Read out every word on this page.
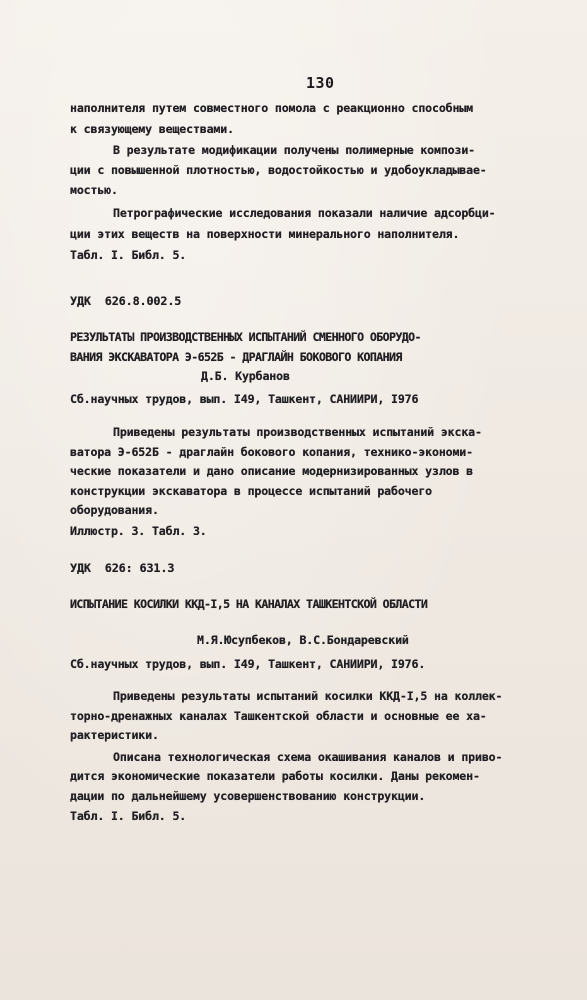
130
наполнителя путем совместного помола с реакционно способным
к связующему веществами.
В результате модификации получены полимерные компози-
ции с повышенной плотностью, водостойкостью и удобоукладывае-
мостью.
Петрографические исследования показали наличие адсорбци-
ции этих веществ на поверхности минерального наполнителя.
Табл. I. Библ. 5.
УДК  626.8.002.5
РЕЗУЛЬТАТЫ ПРОИЗВОДСТВЕННЫХ ИСПЫТАНИЙ СМЕННОГО ОБОРУДО-
ВАНИЯ ЭКСКАВАТОРА Э-652Б - ДРАГЛАЙН БОКОВОГО КОПАНИЯ
Д.Б. Курбанов
Сб.научных трудов, вып. I49, Ташкент, САНИИРИ, I976
Приведены результаты производственных испытаний экска-
ватора Э-652Б - драглайн бокового копания, технико-экономи-
ческие показатели и дано описание модернизированных узлов в
конструкции экскаватора в процессе испытаний рабочего
оборудования.
Иллюстр. 3. Табл. 3.
УДК  626: 631.3
ИСПЫТАНИЕ КОСИЛКИ ККД-I,5 НА КАНАЛАХ ТАШКЕНТСКОЙ ОБЛАСТИ
М.Я.Юсупбеков, В.С.Бондаревский
Сб.научных трудов, вып. I49, Ташкент, САНИИРИ, I976.
Приведены результаты испытаний косилки ККД-I,5 на коллек-
торно-дренажных каналах Ташкентской области и основные ее ха-
рактеристики.
Описана технологическая схема окашивания каналов и приво-
дится экономические показатели работы косилки. Даны рекомен-
дации по дальнейшему усовершенствованию конструкции.
Табл. I. Библ. 5.
